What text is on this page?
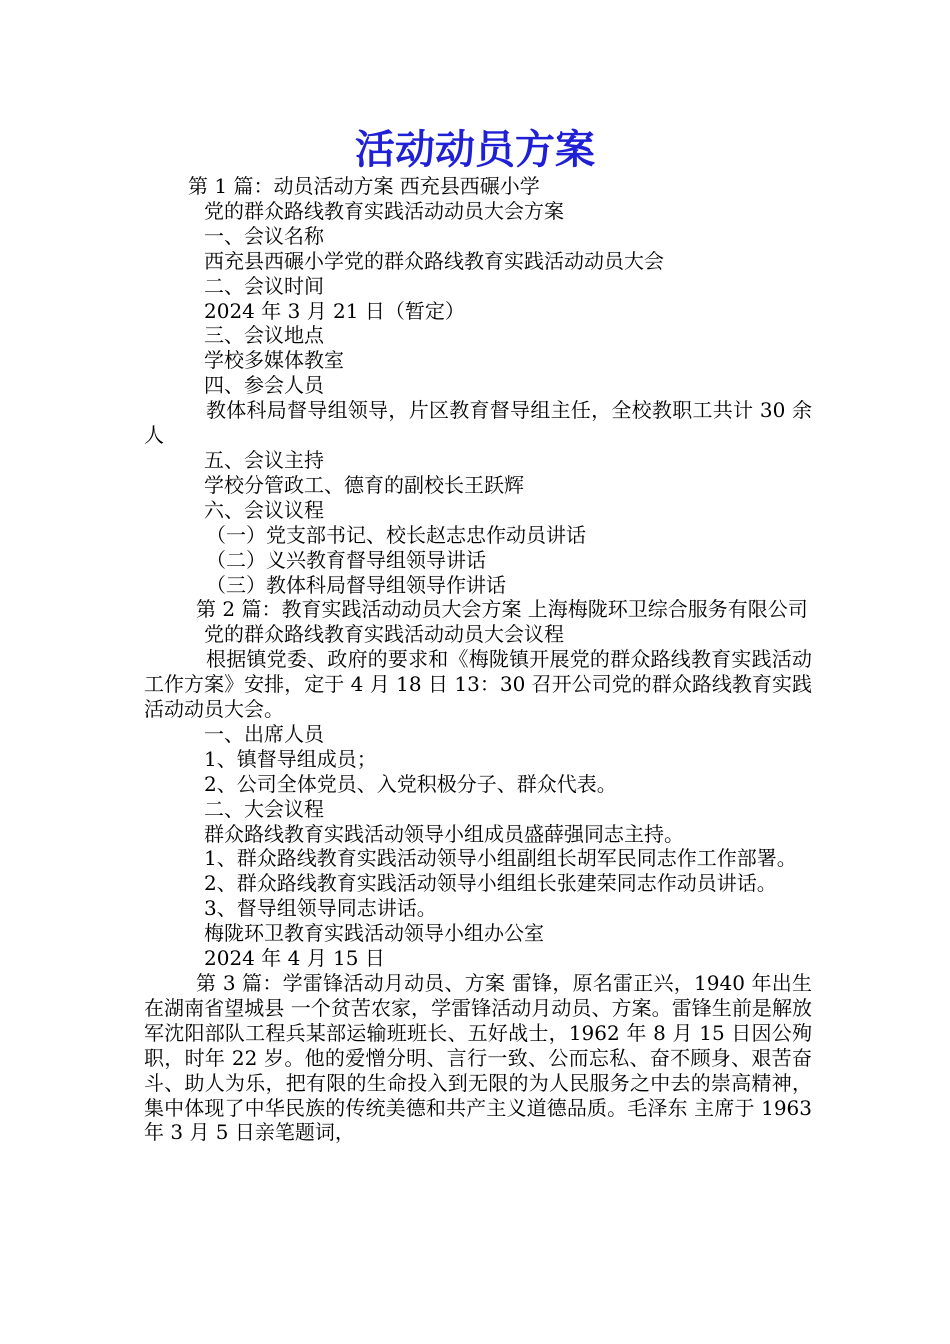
活动动员方案

第 1 篇：动员活动方案 西充县西碾小学

党的群众路线教育实践活动动员大会方案

一、会议名称

西充县西碾小学党的群众路线教育实践活动动员大会

二、会议时间

2024 年 3 月 21 日（暂定）

三、会议地点

学校多媒体教室

四、参会人员

教体科局督导组领导，片区教育督导组主任，全校教职工共计 30 余人

五、会议主持

学校分管政工、德育的副校长王跃辉

六、会议议程

（一）党支部书记、校长赵志忠作动员讲话

（二）义兴教育督导组领导讲话

（三）教体科局督导组领导作讲话

第 2 篇：教育实践活动动员大会方案 上海梅陇环卫综合服务有限公司

党的群众路线教育实践活动动员大会议程

根据镇党委、政府的要求和《梅陇镇开展党的群众路线教育实践活动工作方案》安排，定于 4 月 18 日 13：30 召开公司党的群众路线教育实践活动动员大会。

一、出席人员

1、镇督导组成员；

2、公司全体党员、入党积极分子、群众代表。

二、大会议程

群众路线教育实践活动领导小组成员盛薛强同志主持。

1、群众路线教育实践活动领导小组副组长胡军民同志作工作部署。

2、群众路线教育实践活动领导小组组长张建荣同志作动员讲话。

3、督导组领导同志讲话。

梅陇环卫教育实践活动领导小组办公室

2024 年 4 月 15 日

第 3 篇：学雷锋活动月动员、方案 雷锋，原名雷正兴，1940 年出生在湖南省望城县 一个贫苦农家，学雷锋活动月动员、方案。雷锋生前是解放军沈阳部队工程兵某部运输班班长、五好战士，1962 年 8 月 15 日因公殉职，时年 22 岁。他的爱憎分明、言行一致、公而忘私、奋不顾身、艰苦奋斗、助人为乐，把有限的生命投入到无限的为人民服务之中去的崇高精神，集中体现了中华民族的传统美德和共产主义道德品质。毛泽东 主席于 1963 年 3 月 5 日亲笔题词，
